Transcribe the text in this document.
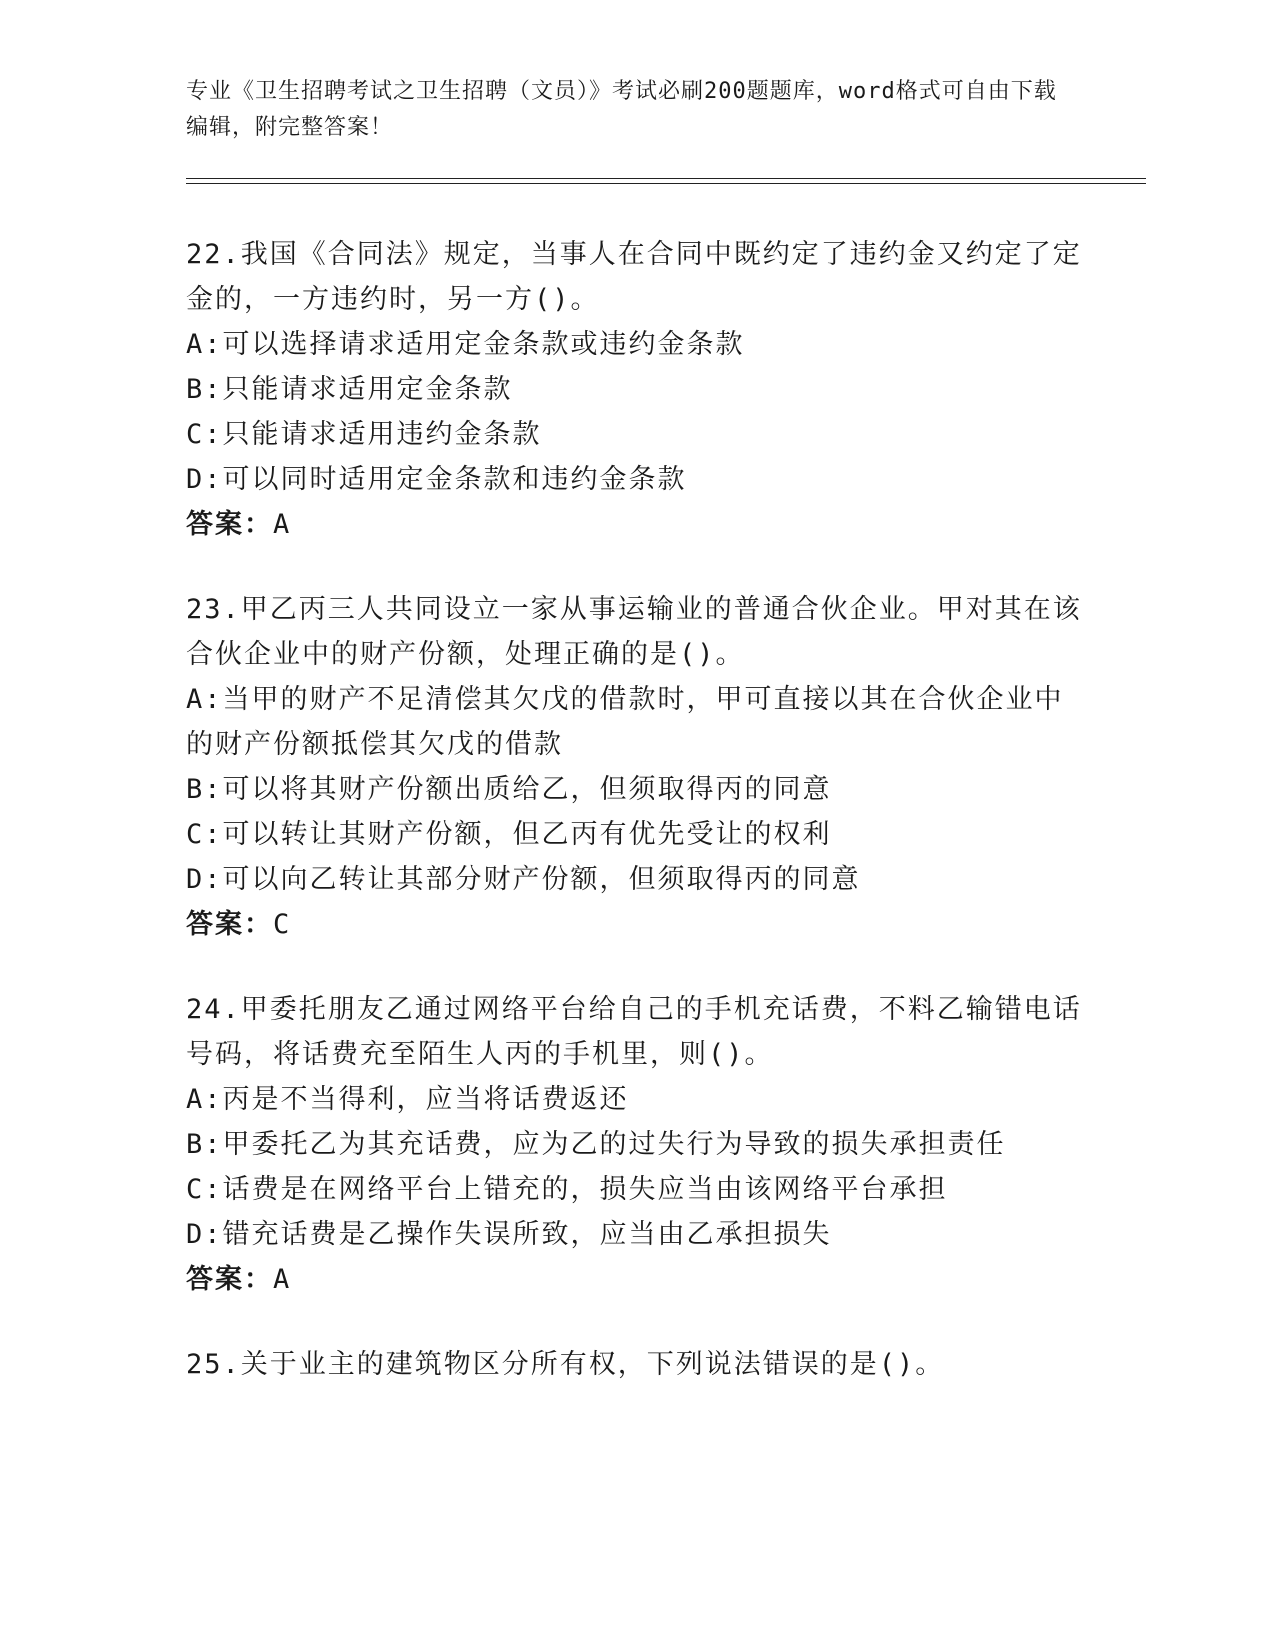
专业《卫生招聘考试之卫生招聘（文员）》考试必刷200题题库，word格式可自由下载编辑，附完整答案！

22.我国《合同法》规定，当事人在合同中既约定了违约金又约定了定金的，一方违约时，另一方()。

A:可以选择请求适用定金条款或违约金条款

B:只能请求适用定金条款

C:只能请求适用违约金条款

D:可以同时适用定金条款和违约金条款

答案：A

23.甲乙丙三人共同设立一家从事运输业的普通合伙企业。甲对其在该合伙企业中的财产份额，处理正确的是()。

A:当甲的财产不足清偿其欠戊的借款时，甲可直接以其在合伙企业中的财产份额抵偿其欠戊的借款

B:可以将其财产份额出质给乙，但须取得丙的同意

C:可以转让其财产份额，但乙丙有优先受让的权利

D:可以向乙转让其部分财产份额，但须取得丙的同意

答案：C

24.甲委托朋友乙通过网络平台给自己的手机充话费，不料乙输错电话号码，将话费充至陌生人丙的手机里，则()。

A:丙是不当得利，应当将话费返还

B:甲委托乙为其充话费，应为乙的过失行为导致的损失承担责任

C:话费是在网络平台上错充的，损失应当由该网络平台承担

D:错充话费是乙操作失误所致，应当由乙承担损失

答案：A

25.关于业主的建筑物区分所有权，下列说法错误的是()。
